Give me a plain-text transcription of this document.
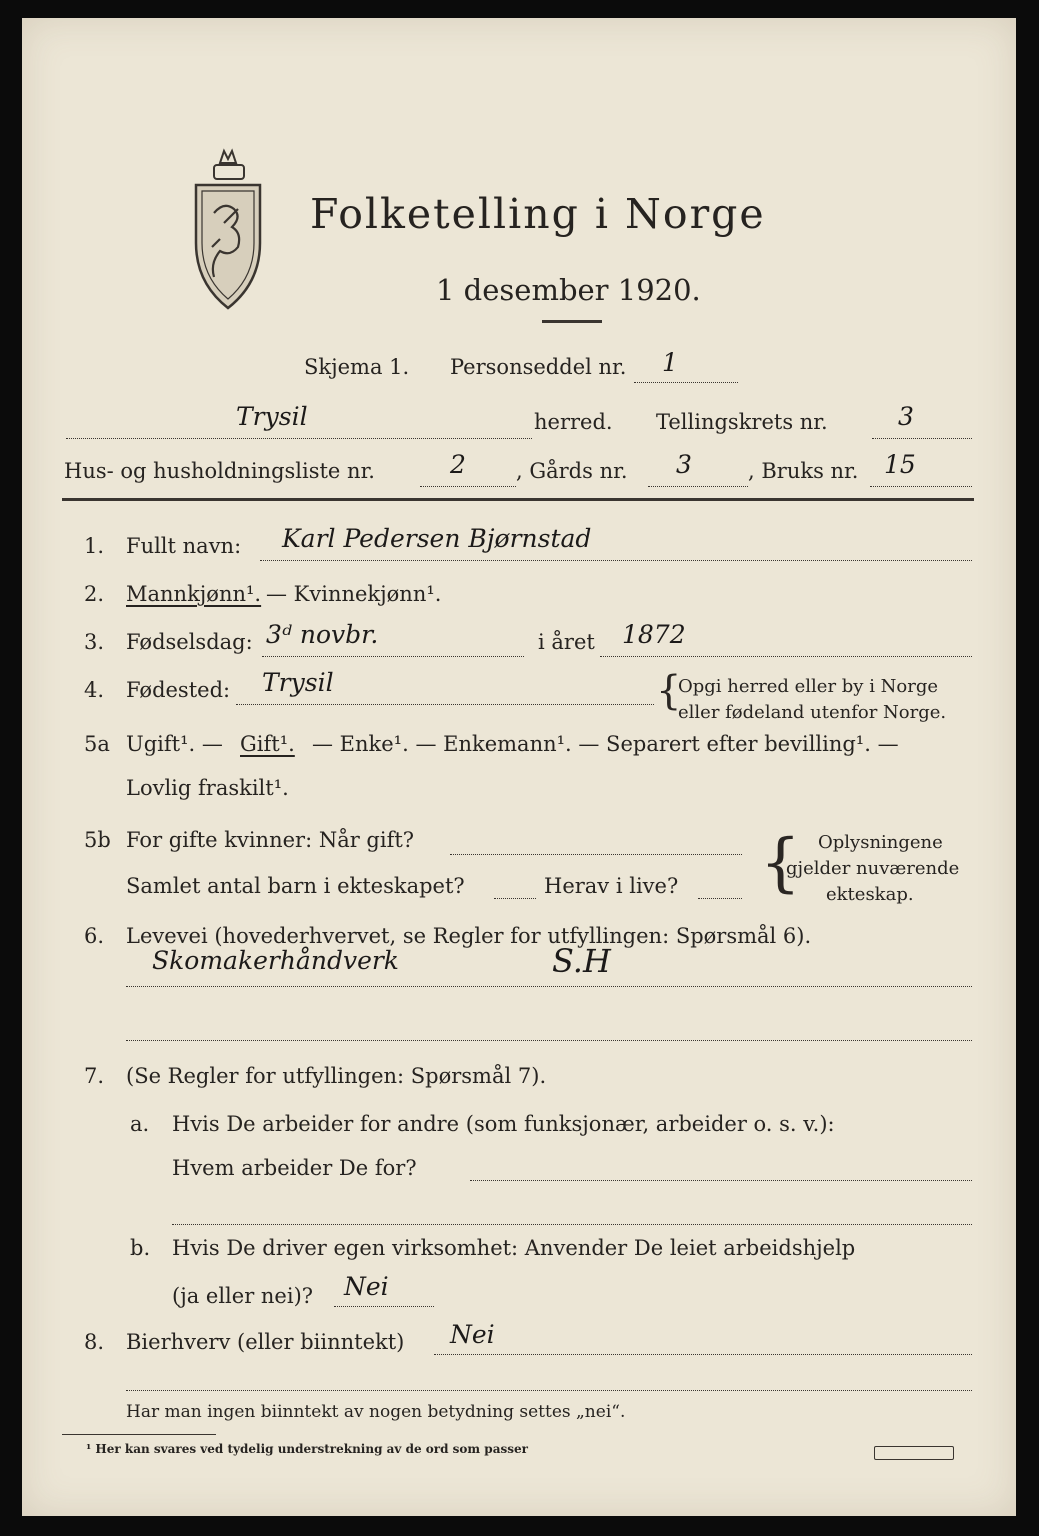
Folketelling i Norge
1 desember 1920.
Skjema 1. Personseddel nr. 1
Trysil	herred. Tellingskrets nr.	3
Hus- og husholdningsliste nr.	2 , Gårds nr. 3	, Bruks nr. 15
1. Fullt navn: Karl Pedersen Bjørnstad
2. Mannkjønn¹. — Kvinnekjønn¹.
3. Fødselsdag: 3ᵈ novbr.	i året 1872
4. Fødested: Trysil	{
Opgi herred eller by i Norge
eller fødeland utenfor Norge.
5a Ugift¹. — Gift¹. — Enke¹. — Enkemann¹. — Separert efter bevilling¹. —
Lovlig fraskilt¹.
5b For gifte kvinner: Når gift?
Samlet antal barn i ekteskapet?	Herav i live? { Oplysningene
gjelder nuværende
ekteskap.
6. Levevei (hovederhvervet, se Regler for utfyllingen: Spørsmål 6).
Skomakerhåndverk	S.H
7. (Se Regler for utfyllingen: Spørsmål 7).
a. Hvis De arbeider for andre (som funksjonær, arbeider o. s. v.):
Hvem arbeider De for?
b. Hvis De driver egen virksomhet: Anvender De leiet arbeidshjelp
(ja eller nei)? Nei
8. Bierhverv (eller biinntekt) Nei
Har man ingen biinntekt av nogen betydning settes „nei“.
¹ Her kan svares ved tydelig understrekning av de ord som passer
